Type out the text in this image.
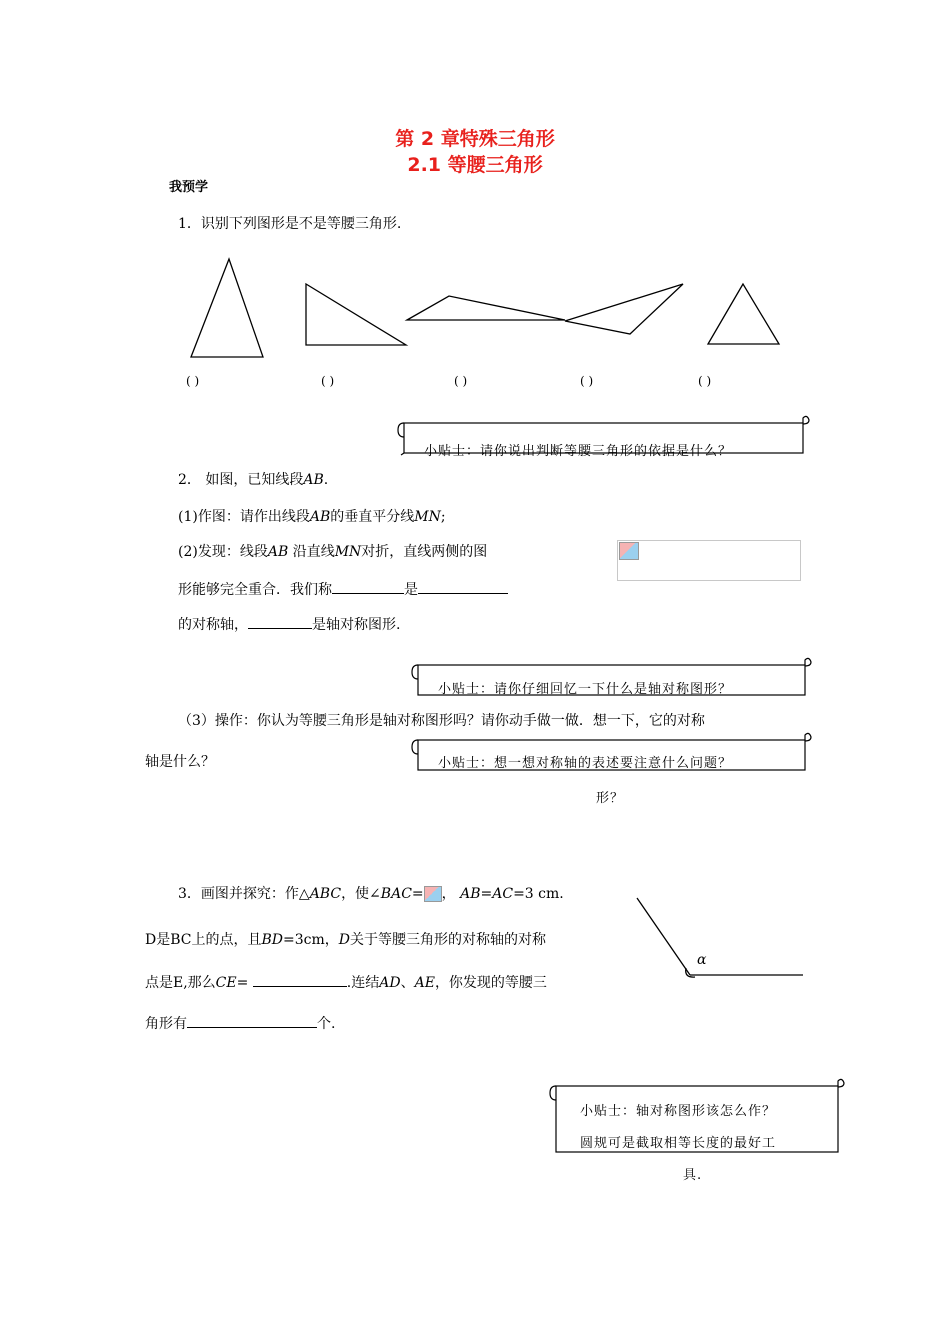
第 2 章特殊三角形
2.1 等腰三角形
我预学
1．识别下列图形是不是等腰三角形.
( )	( )	( )	( )	( )
小贴士：请你说出判断等腰三角形的依据是什么？
2． 如图，已知线段AB.
(1)作图：请作出线段AB的垂直平分线MN;
(2)发现：线段AB 沿直线MN对折，直线两侧的图
形能够完全重合．我们称	是
的对称轴，	是轴对称图形.
小贴士：请你仔细回忆一下什么是轴对称图形？
（3）操作：你认为等腰三角形是轴对称图形吗？请你动手做一做．想一下，它的对称
轴是什么？	小贴士：想一想对称轴的表述要注意什么问题？
形？
3．画图并探究：作△ABC，使∠BAC= ， AB=AC=3 cm.
D是BC上的点，且BD=3cm，D关于等腰三角形的对称轴的对称
点是E,那么CE=	.连结AD、AE，你发现的等腰三
角形有	个.
α
小贴士：轴对称图形该怎么作？
圆规可是截取相等长度的最好工
具.
